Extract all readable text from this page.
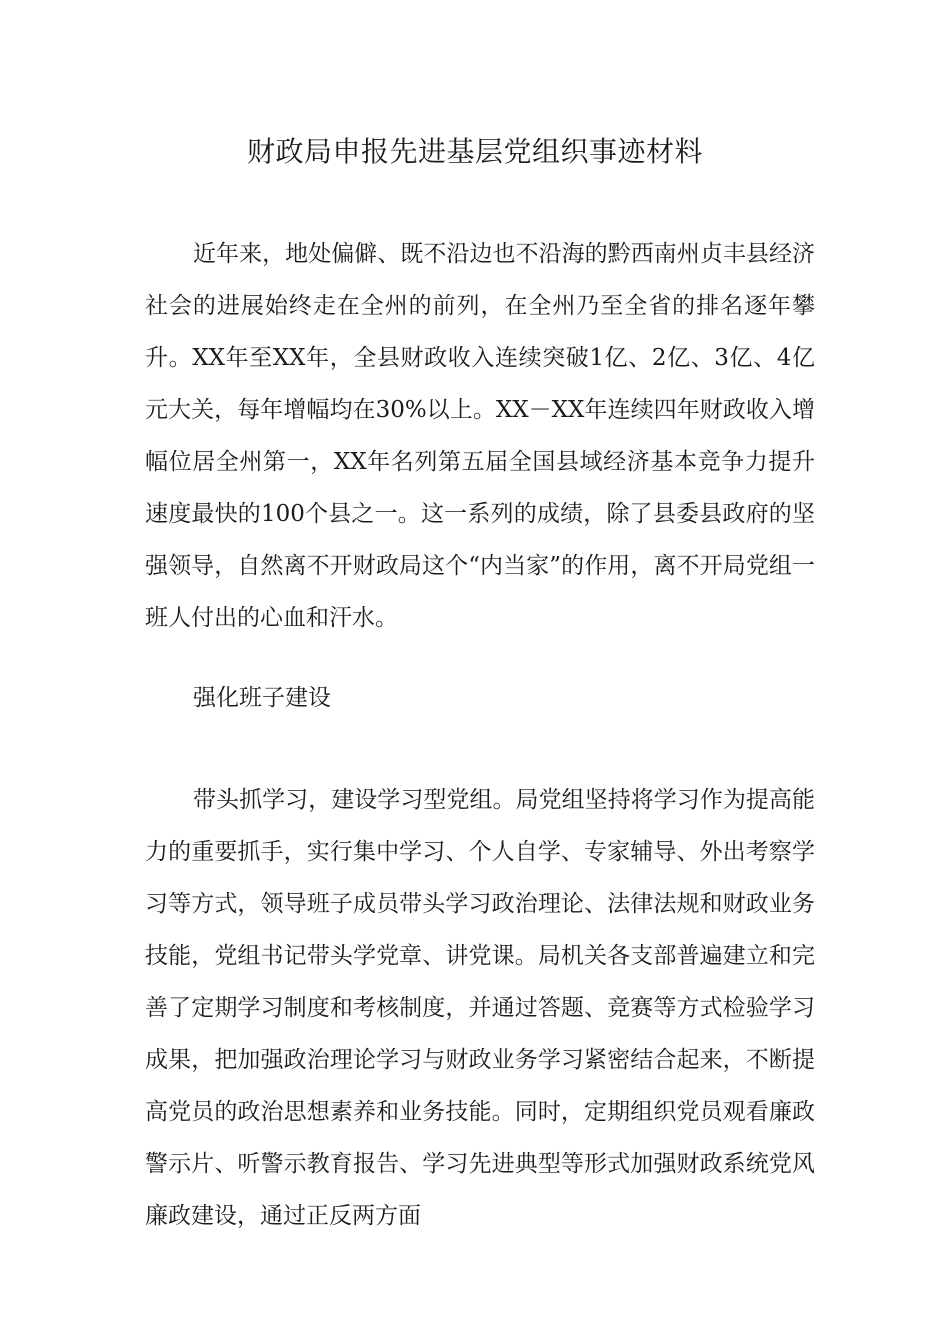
财政局申报先进基层党组织事迹材料

近年来，地处偏僻、既不沿边也不沿海的黔西南州贞丰县经济社会的进展始终走在全州的前列，在全州乃至全省的排名逐年攀升。XX年至XX年，全县财政收入连续突破1亿、2亿、3亿、4亿元大关，每年增幅均在30%以上。XX－XX年连续四年财政收入增幅位居全州第一，XX年名列第五届全国县域经济基本竞争力提升速度最快的100个县之一。这一系列的成绩，除了县委县政府的坚强领导，自然离不开财政局这个“内当家”的作用，离不开局党组一班人付出的心血和汗水。

强化班子建设

带头抓学习，建设学习型党组。局党组坚持将学习作为提高能力的重要抓手，实行集中学习、个人自学、专家辅导、外出考察学习等方式，领导班子成员带头学习政治理论、法律法规和财政业务技能，党组书记带头学党章、讲党课。局机关各支部普遍建立和完善了定期学习制度和考核制度，并通过答题、竞赛等方式检验学习成果，把加强政治理论学习与财政业务学习紧密结合起来，不断提高党员的政治思想素养和业务技能。同时，定期组织党员观看廉政警示片、听警示教育报告、学习先进典型等形式加强财政系统党风廉政建设，通过正反两方面
